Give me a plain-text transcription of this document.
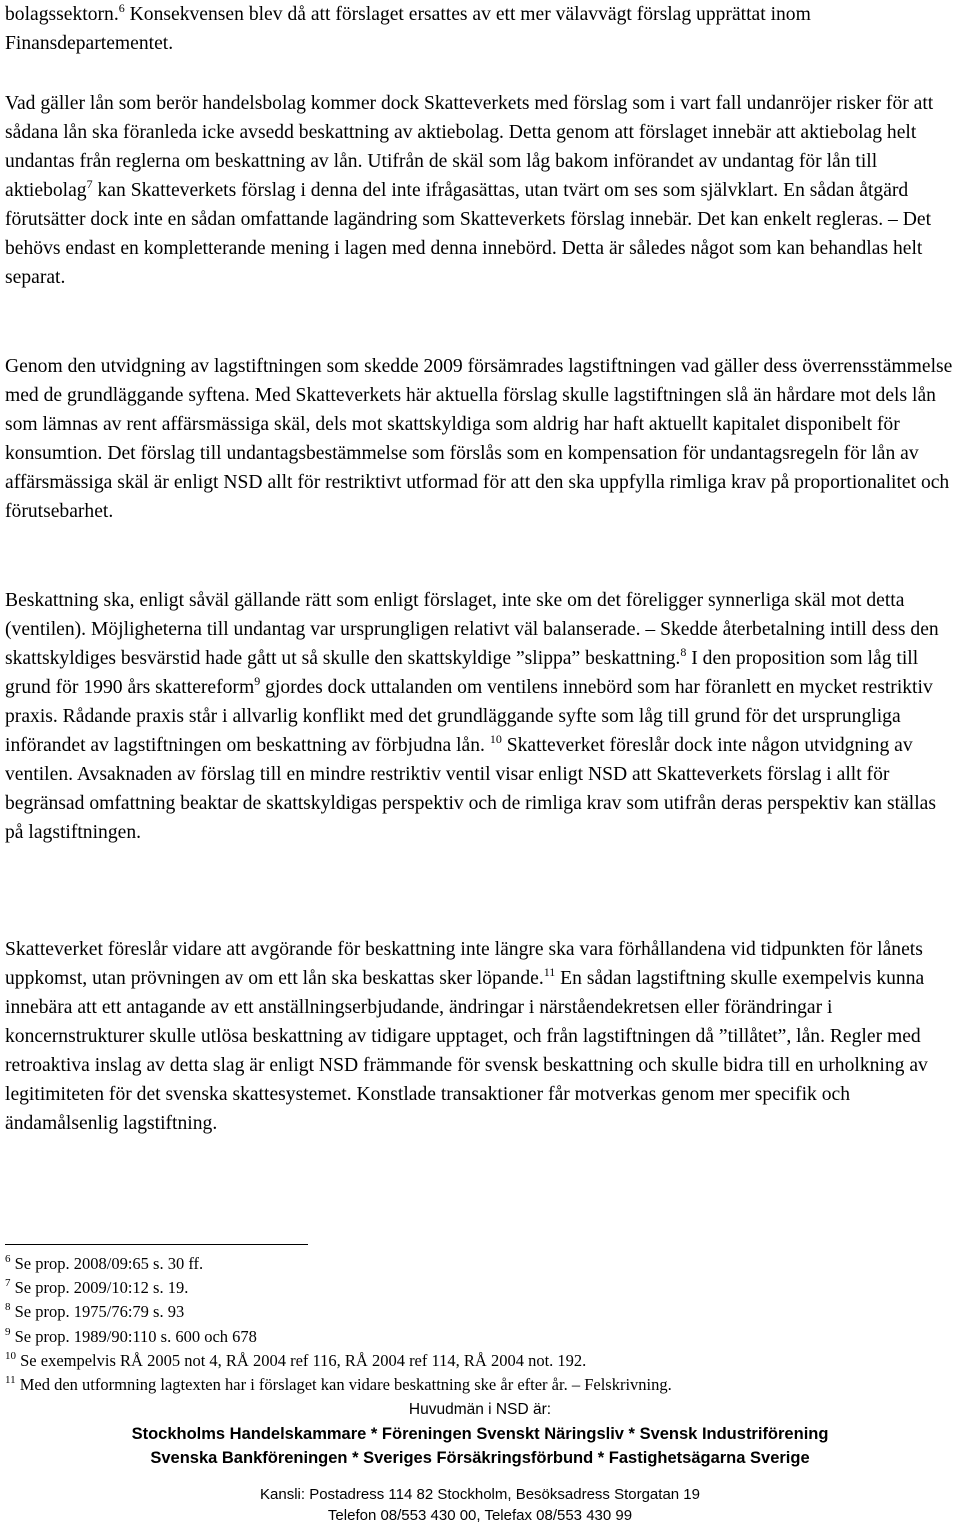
bolagssektorn.$^6$ Konsekvensen blev då att förslaget ersattes av ett mer välavvägt förslag upprättat inom Finansdepartementet.

Vad gäller lån som berör handelsbolag kommer dock Skatteverkets med förslag som i vart fall undanröjer risker för att sådana lån ska föranleda icke avsedd beskattning av aktiebolag. Detta genom att förslaget innebär att aktiebolag helt undantas från reglerna om beskattning av lån. Utifrån de skäl som låg bakom införandet av undantag för lån till aktiebolag$^7$ kan Skatteverkets förslag i denna del inte ifrågasättas, utan tvärt om ses som självklart. En sådan åtgärd förutsätter dock inte en sådan omfattande lagändring som Skatteverkets förslag innebär. Det kan enkelt regleras. – Det behövs endast en kompletterande mening i lagen med denna innebörd. Detta är således något som kan behandlas helt separat.

Genom den utvidgning av lagstiftningen som skedde 2009 försämrades lagstiftningen vad gäller dess överrensstämmelse med de grundläggande syftena. Med Skatteverkets här aktuella förslag skulle lagstiftningen slå än hårdare mot dels lån som lämnas av rent affärsmässiga skäl, dels mot skattskyldiga som aldrig har haft aktuellt kapitalet disponibelt för konsumtion. Det förslag till undantagsbestämmelse som förslås som en kompensation för undantagsregeln för lån av affärsmässiga skäl är enligt NSD allt för restriktivt utformad för att den ska uppfylla rimliga krav på proportionalitet och förutsebarhet.

Beskattning ska, enligt såväl gällande rätt som enligt förslaget, inte ske om det föreligger synnerliga skäl mot detta (ventilen). Möjligheterna till undantag var ursprungligen relativt väl balanserade. – Skedde återbetalning intill dess den skattskyldiges besvärstid hade gått ut så skulle den skattskyldige ”slippa” beskattning.$^8$ I den proposition som låg till grund för 1990 års skattereform$^9$ gjordes dock uttalanden om ventilens innebörd som har föranlett en mycket restriktiv praxis. Rådande praxis står i allvarlig konflikt med det grundläggande syfte som låg till grund för det ursprungliga införandet av lagstiftningen om beskattning av förbjudna lån. $^{10}$ Skatteverket föreslår dock inte någon utvidgning av ventilen. Avsaknaden av förslag till en mindre restriktiv ventil visar enligt NSD att Skatteverkets förslag i allt för begränsad omfattning beaktar de skattskyldigas perspektiv och de rimliga krav som utifrån deras perspektiv kan ställas på lagstiftningen.

Skatteverket föreslår vidare att avgörande för beskattning inte längre ska vara förhållandena vid tidpunkten för lånets uppkomst, utan prövningen av om ett lån ska beskattas sker löpande.$^{11}$ En sådan lagstiftning skulle exempelvis kunna innebära att ett antagande av ett anställningserbjudande, ändringar i närståendekretsen eller förändringar i koncernstrukturer skulle utlösa beskattning av tidigare upptaget, och från lagstiftningen då ”tillåtet”, lån. Regler med retroaktiva inslag av detta slag är enligt NSD främmande för svensk beskattning och skulle bidra till en urholkning av legitimiteten för det svenska skattesystemet. Konstlade transaktioner får motverkas genom mer specifik och ändamålsenlig lagstiftning.

$^6$ Se prop. 2008/09:65 s. 30 ff.
$^7$ Se prop. 2009/10:12 s. 19.
$^8$ Se prop. 1975/76:79 s. 93
$^9$ Se prop. 1989/90:110 s. 600 och 678
$^{10}$ Se exempelvis RÅ 2005 not 4, RÅ 2004 ref 116, RÅ 2004 ref 114, RÅ 2004 not. 192.
$^{11}$ Med den utformning lagtexten har i förslaget kan vidare beskattning ske år efter år. – Felskrivning.
Huvudmän i NSD är:
Stockholms Handelskammare * Föreningen Svenskt Näringsliv * Svensk Industriförening
Svenska Bankföreningen * Sveriges Försäkringsförbund * Fastighetsägarna Sverige
Kansli: Postadress 114 82 Stockholm, Besöksadress Storgatan 19
Telefon 08/553 430 00, Telefax 08/553 430 99
